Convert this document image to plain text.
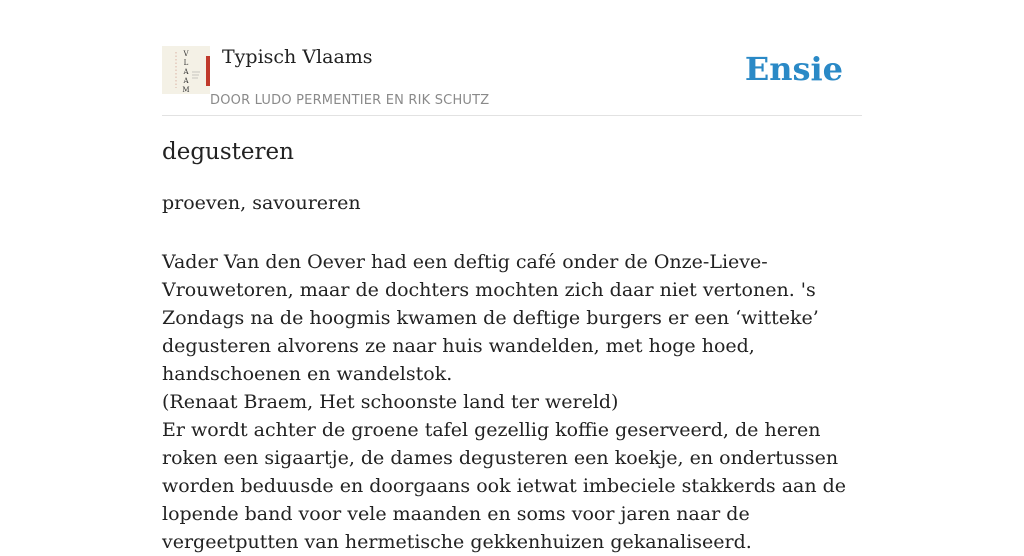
V
L
A
A
M
Typisch Vlaams
DOOR LUDO PERMENTIER EN RIK SCHUTZ
Ensie
degusteren

proeven, savoureren

Vader Van den Oever had een deftig café onder de Onze-Lieve-Vrouwetoren, maar de dochters mochten zich daar niet vertonen. 's Zondags na de hoogmis kwamen de deftige burgers er een ‘witteke’ degusteren alvorens ze naar huis wandelden, met hoge hoed, handschoenen en wandelstok.

(Renaat Braem, Het schoonste land ter wereld)

Er wordt achter de groene tafel gezellig koffie geserveerd, de heren roken een sigaartje, de dames degusteren een koekje, en ondertussen worden beduusde en doorgaans ook ietwat imbeciele stakkerds aan de lopende band voor vele maanden en soms voor jaren naar de vergeetputten van hermetische gekkenhuizen gekanaliseerd.
